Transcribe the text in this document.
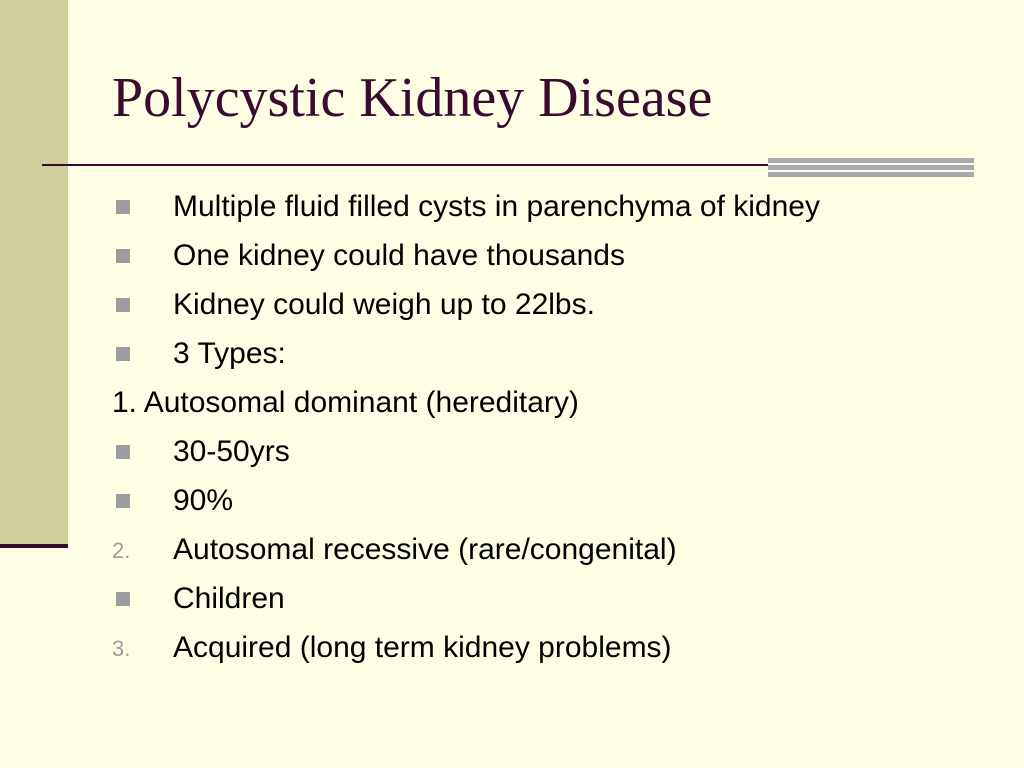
Polycystic Kidney Disease
Multiple fluid filled cysts in parenchyma of kidney
One kidney could have thousands
Kidney could weigh up to 22lbs.
3 Types:
1. Autosomal dominant (hereditary)
30-50yrs
90%
2. Autosomal recessive (rare/congenital)
Children
3. Acquired (long term kidney problems)
